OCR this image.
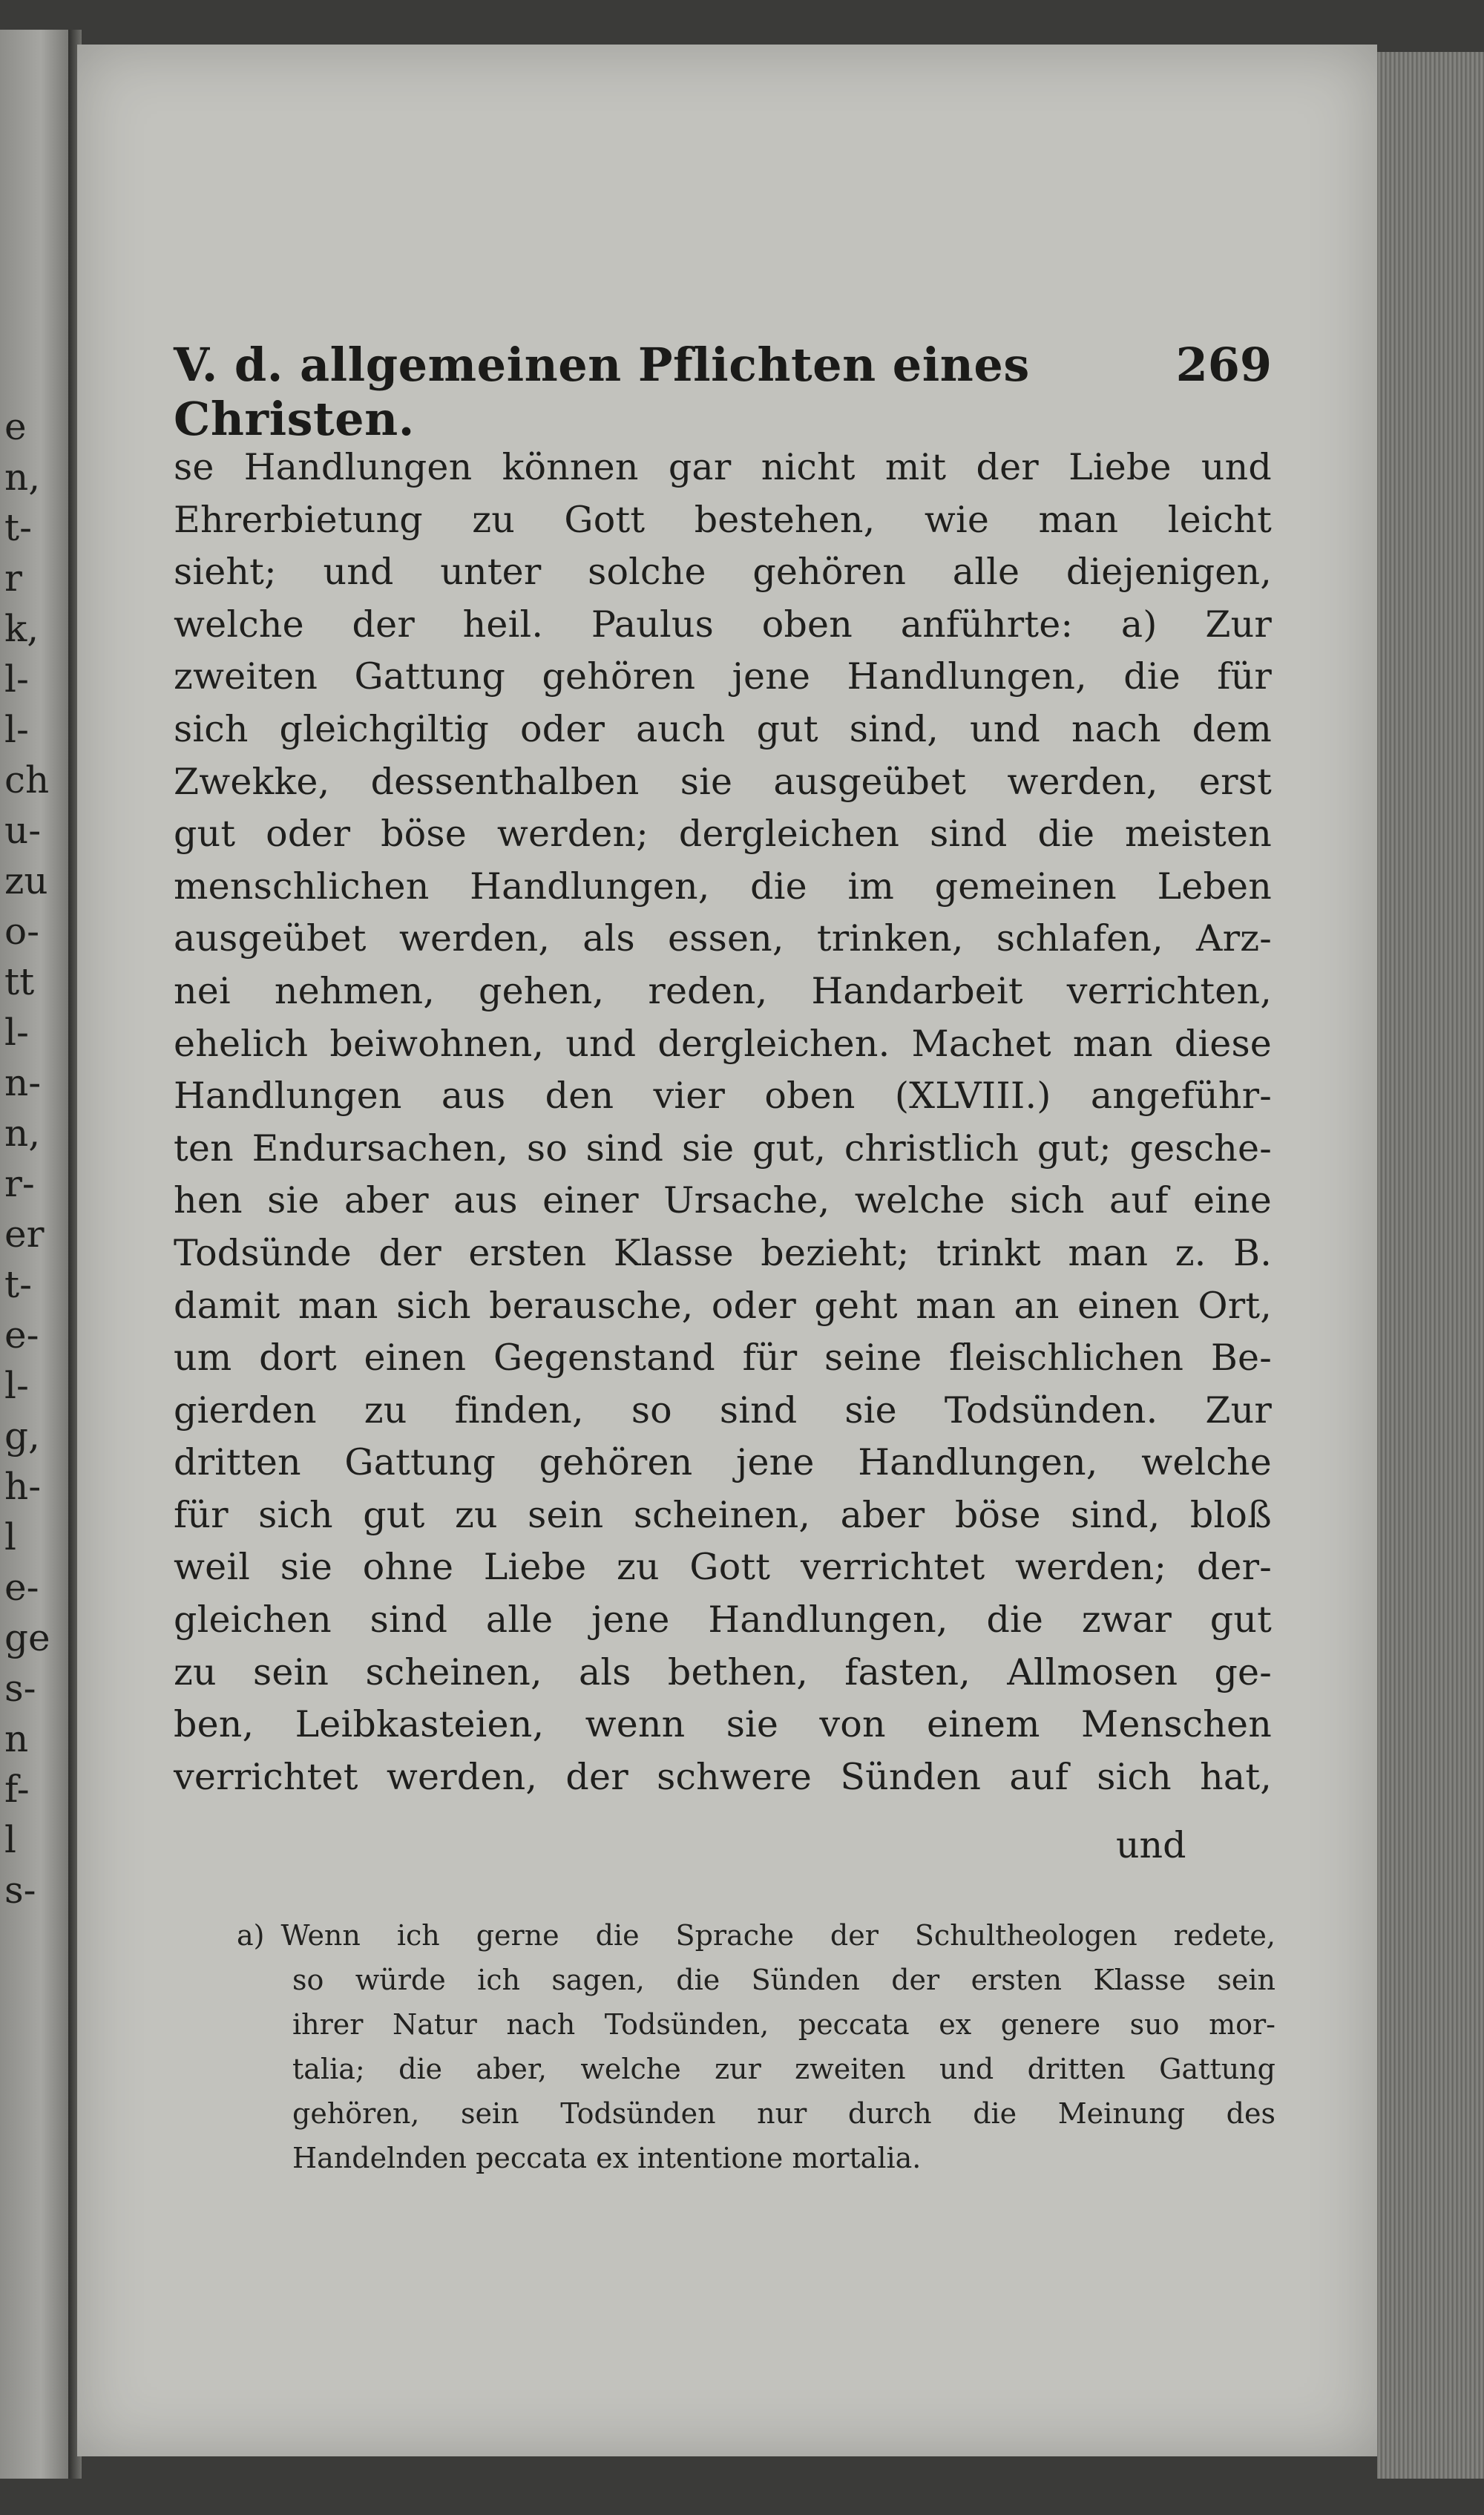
e
n,
t-
r
k,
l-
l-
ch
u-
zu
o-
tt
l-
n-
n,
r-
er
t-
e-
l-
g,
h-
l
e-
ge
s-
n
f-
l
s-
V. d. allgemeinen Pflichten eines Christen.
269
se Handlungen können gar nicht mit der Liebe und
Ehrerbietung zu Gott bestehen, wie man leicht
sieht; und unter solche gehören alle diejenigen,
welche der heil. Paulus oben anführte: a) Zur
zweiten Gattung gehören jene Handlungen, die für
sich gleichgiltig oder auch gut sind, und nach dem
Zwekke, dessenthalben sie ausgeübet werden, erst
gut oder böse werden; dergleichen sind die meisten
menschlichen Handlungen, die im gemeinen Leben
ausgeübet werden, als essen, trinken, schlafen, Arz-
nei nehmen, gehen, reden, Handarbeit verrichten,
ehelich beiwohnen, und dergleichen. Machet man diese
Handlungen aus den vier oben (XLVIII.) angeführ-
ten Endursachen, so sind sie gut, christlich gut; gesche-
hen sie aber aus einer Ursache, welche sich auf eine
Todsünde der ersten Klasse bezieht; trinkt man z. B.
damit man sich berausche, oder geht man an einen Ort,
um dort einen Gegenstand für seine fleischlichen Be-
gierden zu finden, so sind sie Todsünden. Zur
dritten Gattung gehören jene Handlungen, welche
für sich gut zu sein scheinen, aber böse sind, bloß
weil sie ohne Liebe zu Gott verrichtet werden; der-
gleichen sind alle jene Handlungen, die zwar gut
zu sein scheinen, als bethen, fasten, Allmosen ge-
ben, Leibkasteien, wenn sie von einem Menschen
verrichtet werden, der schwere Sünden auf sich hat,
und
a) Wenn ich gerne die Sprache der Schultheologen redete,
so würde ich sagen, die Sünden der ersten Klasse sein
ihrer Natur nach Todsünden, peccata ex genere suo mor-
talia; die aber, welche zur zweiten und dritten Gattung
gehören, sein Todsünden nur durch die Meinung des
Handelnden peccata ex intentione mortalia.
